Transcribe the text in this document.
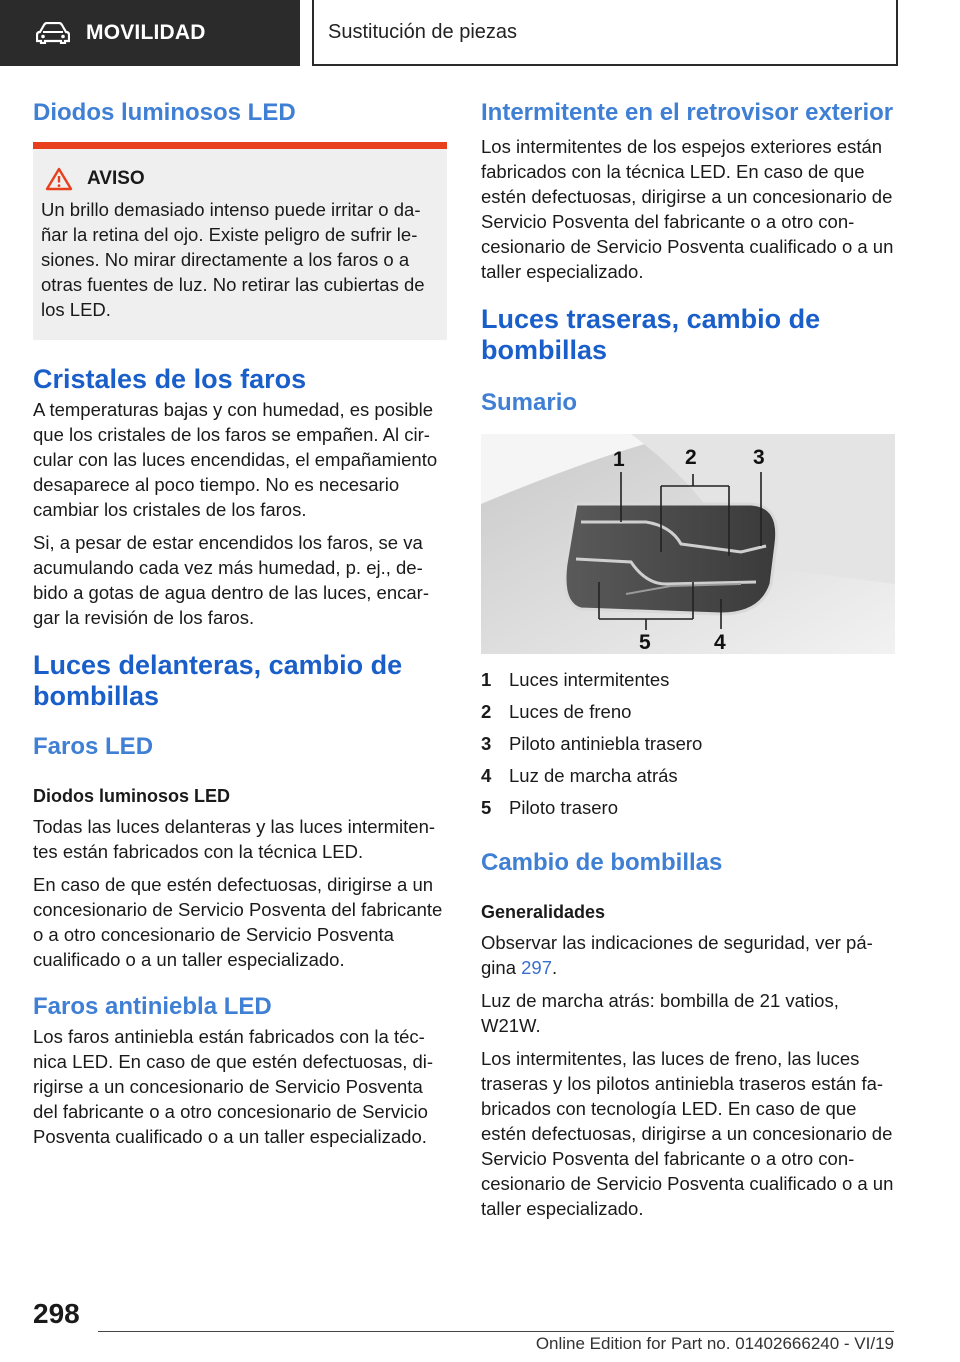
MOVILIDAD	Sustitución de piezas
Diodos luminosos LED
AVISO

Un brillo demasiado intenso puede irritar o dañar la retina del ojo. Existe peligro de sufrir lesiones. No mirar directamente a los faros o a otras fuentes de luz. No retirar las cubiertas de los LED.

Cristales de los faros

A temperaturas bajas y con humedad, es posible que los cristales de los faros se empañen. Al circular con las luces encendidas, el empañamiento desaparece al poco tiempo. No es necesario cambiar los cristales de los faros.

Si, a pesar de estar encendidos los faros, se va acumulando cada vez más humedad, p. ej., debido a gotas de agua dentro de las luces, encargar la revisión de los faros.

Luces delanteras, cambio de bombillas
Faros LED
Diodos luminosos LED

Todas las luces delanteras y las luces intermitentes están fabricados con la técnica LED.

En caso de que estén defectuosas, dirigirse a un concesionario de Servicio Posventa del fabricante o a otro concesionario de Servicio Posventa cualificado o a un taller especializado.

Faros antiniebla LED

Los faros antiniebla están fabricados con la técnica LED. En caso de que estén defectuosas, dirigirse a un concesionario de Servicio Posventa del fabricante o a otro concesionario de Servicio Posventa cualificado o a un taller especializado.

Intermitente en el retrovisor exterior

Los intermitentes de los espejos exteriores están fabricados con la técnica LED. En caso de que estén defectuosas, dirigirse a un concesionario de Servicio Posventa del fabricante o a otro concesionario de Servicio Posventa cualificado o a un taller especializado.

Luces traseras, cambio de bombillas
Sumario
1	2	3
4
5
1 Luces intermitentes
2 Luces de freno
3 Piloto antiniebla trasero
4 Luz de marcha atrás
5 Piloto trasero
Cambio de bombillas
Generalidades

Observar las indicaciones de seguridad, ver página 297.

Luz de marcha atrás: bombilla de 21 vatios, W21W.

Los intermitentes, las luces de freno, las luces traseras y los pilotos antiniebla traseros están fabricados con tecnología LED. En caso de que estén defectuosas, dirigirse a un concesionario de Servicio Posventa del fabricante o a otro concesionario de Servicio Posventa cualificado o a un taller especializado.

298
Online Edition for Part no. 01402666240 - VI/19
